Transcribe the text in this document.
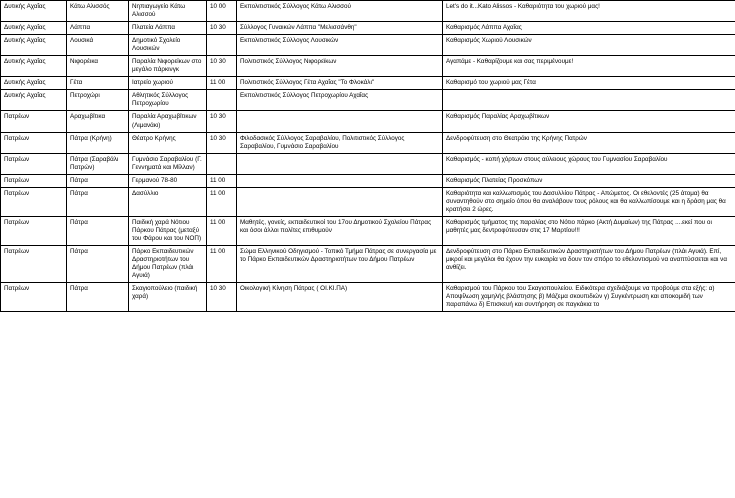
Δυτικής Αχαΐας	Κάτω Αλισσός	Νηπιαγωγείο Κάτω Αλισσού	10 00	Εκπολιτιστικός Σύλλογος Κάτω Αλισσού	Let's do it...Κato Alissos - Καθαριότητα του χωριού μας!
Δυτικής Αχαΐας	Λάππα	Πλατεία Λάππα	10 30	Σύλλογος Γυναικών Λάππα "Μελισσάνθη"	Καθαρισμός Λάππα Αχαΐας
Δυτικής Αχαΐας	Λουσικά	Δημοτικό Σχολείο Λουσικών		Εκπολιτιστικός Σύλλογος Λουσικών	Καθαρισμός Χωριού Λουσικών
Δυτικής Αχαΐας	Νιφορέικα	Παραλία Νιφορεϊκων στο μεγάλο πάρκινγκ	10 30	Πολιτιστικός Σύλλογος Νιφορεϊκων	Αγαπάμε - Καθαρίζουμε και σας περιμένουμε!
Δυτικής Αχαΐας	Γέτα	Ιατρείο χωριού	11 00	Πολιτιστικός Σύλλογος Γέτα Αχαΐας "Το Φλοκάλι"	Καθαρισμό του χωριού μας Γέτα
Δυτικής Αχαΐας	Πετροχώρι	Αθλητικός Σύλλογος Πετροχωρίου		Εκπολιτιστικός Σύλλογος Πετροχωρίου Αχαΐας	
Πατρέων	Αραχωβίτικα	Παραλία Αραχωβίτικων (Λιμανάκι)	10 30		Καθαρισμός Παραλίας Αραχωβίτικων
Πατρέων	Πάτρα (Κρήνη)	Θέατρο Κρήνης	10 30	Φιλοδασικός Σύλλογος Σαραβαλίου, Πολιτιστικός Σύλλογος Σαραβαλίου, Γυμνάσιο Σαραβαλίου	Δενδροφύτευση στο Θεατράκι της Κρήνης Πατρών
Πατρέων	Πάτρα (Σαραβάλι Πατρών)	Γυμνάσιο Σαραβαλίου (Γ. Γεννηματά και Μίλλαν)			Καθαρισμός - κοπή χόρτων στους αύλειους χώρους του Γυμνασίου Σαραβαλίου
Πατρέων	Πάτρα	Γερμανού 78-80	11 00		Καθαρισμός Πλατείας Προσκόπων
Πατρέων	Πάτρα	Δασύλλιο	11 00		Καθαριότητα και καλλωπισμός του Δασυλλίου Πάτρας - Απώμετος. Οι εθελοντές (25 άτομα) θα συναντηθούν στο σημείο όπου θα αναλάβουν τους ρόλους και θα καλλωπίσουμε και η δράση μας θα κρατήσει 2 ώρες.
Πατρέων	Πάτρα	Παιδική χαρά Νότιου Πάρκου Πάτρας (μεταξύ του Φάρου και του ΝΟΠ)	11 00	Μαθητές, γονείς, εκπαιδευτικοί του 17ου Δημοτικού Σχολείου Πάτρας και όσοι άλλοι πολίτες επιθυμούν	Καθαρισμός τμήματος της παραλίας στο Νότιο πάρκο (Ακτή Δυμαίων) της Πάτρας ....εκεί που οι μαθητές μας δεντροφύτευσαν στις 17 Μαρτίου!!!
Πατρέων	Πάτρα	Πάρκο Εκπαιδευτικών Δραστηριοτήτων του Δήμου Πατρέων (πλάι Αγυιά)	11 00	Σώμα Ελληνικού Οδηγισμού - Τοπικό Τμήμα Πάτρας σε συνεργασία με το Πάρκο Εκπαιδευτικών Δραστηριοτήτων του Δήμου Πατρέων	Δενδροφύτευση στο Πάρκο Εκπαιδευτικών Δραστηριοτήτων του Δήμου Πατρέων (πλάι Αγυιά). Επί, μικροί και μεγάλοι θα έχουν την ευκαιρία να δουν τον σπόρο το εθελοντισμού να αναπτύσσεται και να ανθίζει.
Πατρέων	Πάτρα	Σκαγιοπούλειο (παιδική χαρά)	10 30	Οικολογική Κίνηση Πάτρας ( ΟΙ.ΚΙ.ΠΑ)	Καθαρισμού του Πάρκου του Σκαγιοπουλείου. Ειδικότερα σχεδιάζουμε να προβούμε στα εξής: α) Αποψίλωση χαμηλής βλάστησης β) Μάζεμα σκουπιδιών γ) Συγκέντρωση και αποκομιδή των παραπάνω δ) Επισκευή και συντήρηση σε παγκάκια το
